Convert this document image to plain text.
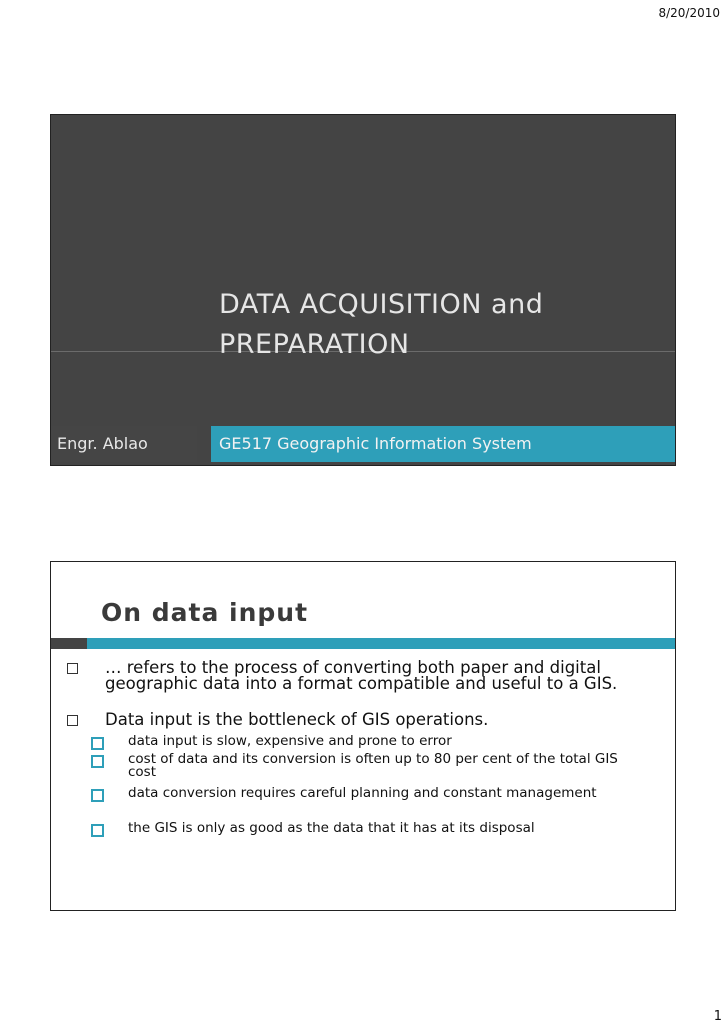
8/20/2010
DATA ACQUISITION and
PREPARATION
Engr. Ablao	GE517 Geographic Information System
On data input
… refers to the process of converting both paper and digital geographic data into a format compatible and useful to a GIS.
Data input is the bottleneck of GIS operations.
data input is slow, expensive and prone to error
cost of data and its conversion is often up to 80 per cent of the total GIS cost
data conversion requires careful planning and constant management
the GIS is only as good as the data that it has at its disposal
1
